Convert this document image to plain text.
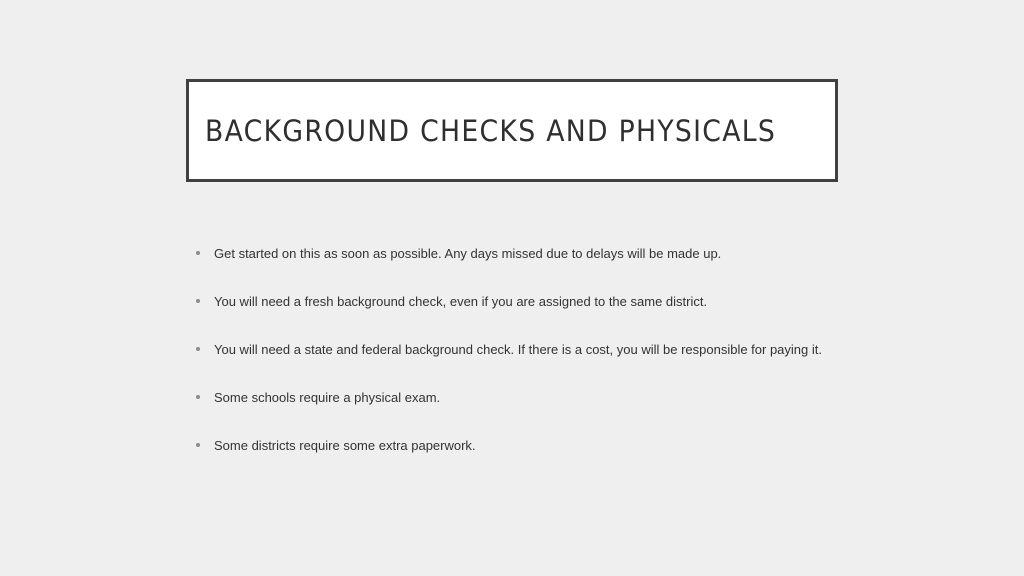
BACKGROUND CHECKS AND PHYSICALS
Get started on this as soon as possible. Any days missed due to delays will be made up.
You will need a fresh background check, even if you are assigned to the same district.
You will need a state and federal background check. If there is a cost, you will be responsible for paying it.
Some schools require a physical exam.
Some districts require some extra paperwork.
